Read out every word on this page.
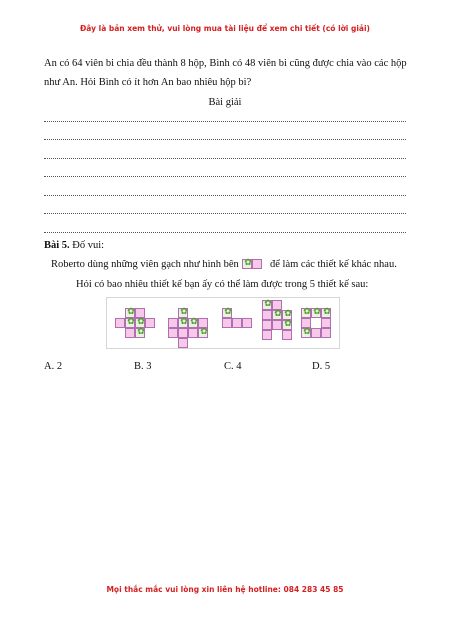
Đây là bản xem thử, vui lòng mua tài liệu để xem chi tiết (có lời giải)
An có 64 viên bi chia đều thành 8 hộp, Bình có 48 viên bi cũng được chia vào các hộp
như An. Hỏi Bình có ít hơn An bao nhiêu hộp bi?
Bài giải
Bài 5. Đố vui:
Roberto dùng những viên gạch như hình bên
✿	để làm các thiết kế khác nhau.
Hỏi có bao nhiêu thiết kế bạn ấy có thể làm được trong 5 thiết kế sau:
✿
✿
✿
✿
✿
✿
✿
✿
✿
✿
✿
✿
✿
✿
✿
✿
✿
A. 2	B. 3	C. 4	D. 5
Mọi thắc mắc vui lòng xin liên hệ hotline: 084 283 45 85
